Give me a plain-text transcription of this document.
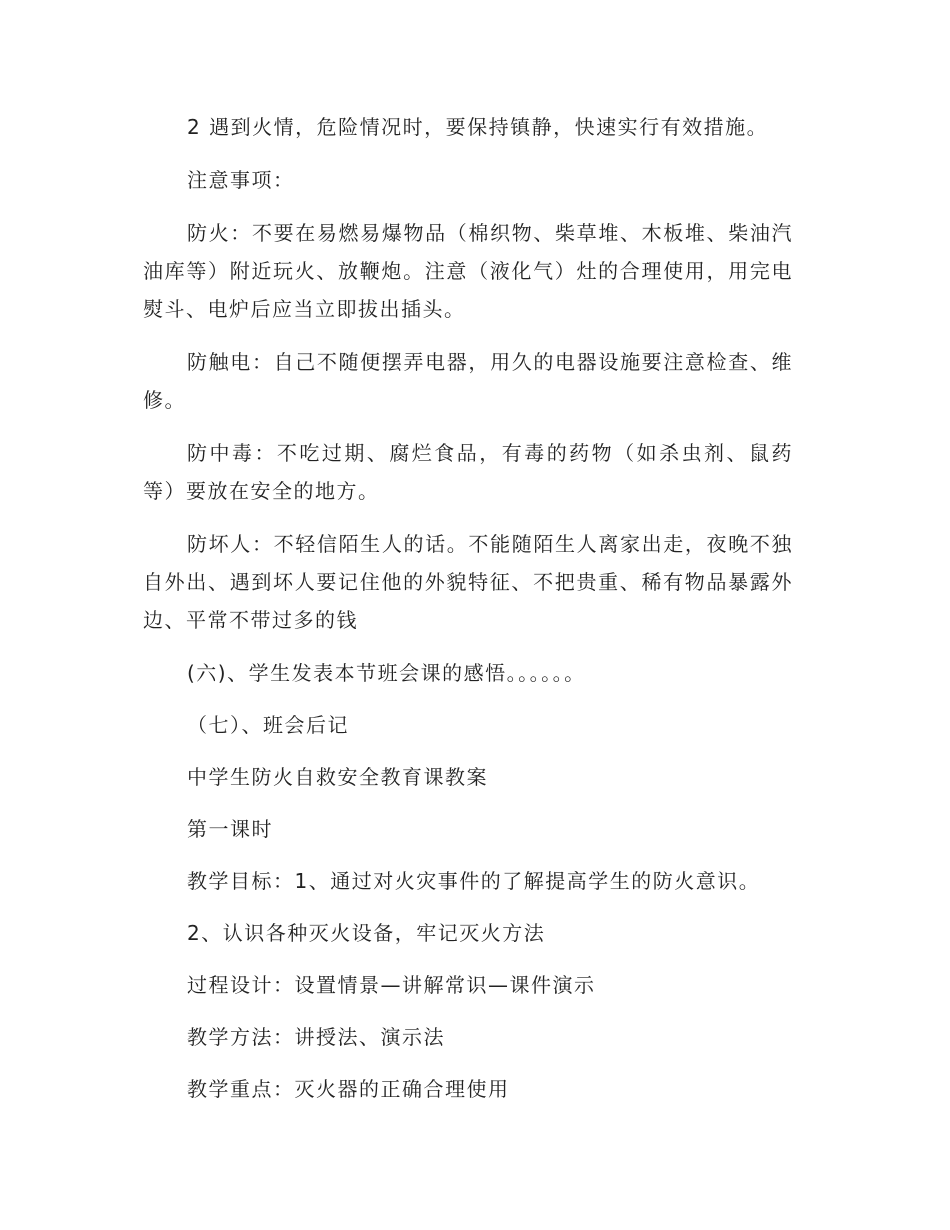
2 遇到火情，危险情况时，要保持镇静，快速实行有效措施。

注意事项：

防火：不要在易燃易爆物品（棉织物、柴草堆、木板堆、柴油汽油库等）附近玩火、放鞭炮。注意（液化气）灶的合理使用，用完电熨斗、电炉后应当立即拔出插头。

防触电：自己不随便摆弄电器，用久的电器设施要注意检查、维修。

防中毒：不吃过期、腐烂食品，有毒的药物（如杀虫剂、鼠药等）要放在安全的地方。

防坏人：不轻信陌生人的话。不能随陌生人离家出走，夜晚不独自外出、遇到坏人要记住他的外貌特征、不把贵重、稀有物品暴露外边、平常不带过多的钱

(六)、学生发表本节班会课的感悟。。。。。。

（七）、班会后记

中学生防火自救安全教育课教案

第一课时

教学目标：1、通过对火灾事件的了解提高学生的防火意识。

2、认识各种灭火设备，牢记灭火方法

过程设计：设置情景—讲解常识—课件演示

教学方法：讲授法、演示法

教学重点：灭火器的正确合理使用
